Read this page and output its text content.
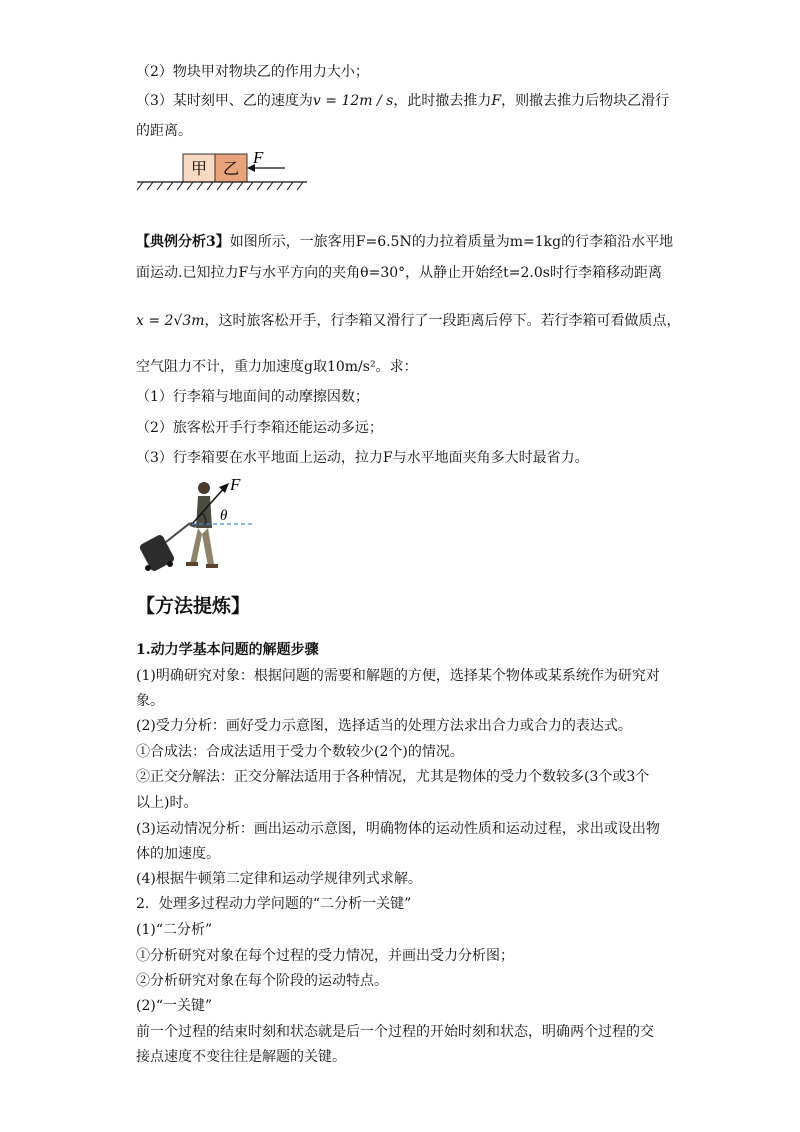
（2）物块甲对物块乙的作用力大小；
（3）某时刻甲、乙的速度为v = 12m / s，此时撤去推力F，则撤去推力后物块乙滑行
的距离。
甲 乙
F
【典例分析3】如图所示，一旅客用F=6.5N的力拉着质量为m=1kg的行李箱沿水平地
面运动.已知拉力F与水平方向的夹角θ=30°，从静止开始经t=2.0s时行李箱移动距离
x = 2√3m，这时旅客松开手，行李箱又滑行了一段距离后停下。若行李箱可看做质点，
空气阻力不计，重力加速度g取10m/s²。求：
（1）行李箱与地面间的动摩擦因数；
（2）旅客松开手行李箱还能运动多远；
（3）行李箱要在水平地面上运动，拉力F与水平地面夹角多大时最省力。
F
θ
【方法提炼】
1.动力学基本问题的解题步骤
(1)明确研究对象：根据问题的需要和解题的方便，选择某个物体或某系统作为研究对
象。
(2)受力分析：画好受力示意图，选择适当的处理方法求出合力或合力的表达式。
①合成法：合成法适用于受力个数较少(2个)的情况。
②正交分解法：正交分解法适用于各种情况，尤其是物体的受力个数较多(3个或3个
以上)时。
(3)运动情况分析：画出运动示意图，明确物体的运动性质和运动过程，求出或设出物
体的加速度。
(4)根据牛顿第二定律和运动学规律列式求解。
2．处理多过程动力学问题的“二分析一关键”
(1)“二分析”
①分析研究对象在每个过程的受力情况，并画出受力分析图；
②分析研究对象在每个阶段的运动特点。
(2)“一关键”
前一个过程的结束时刻和状态就是后一个过程的开始时刻和状态，明确两个过程的交
接点速度不变往往是解题的关键。
